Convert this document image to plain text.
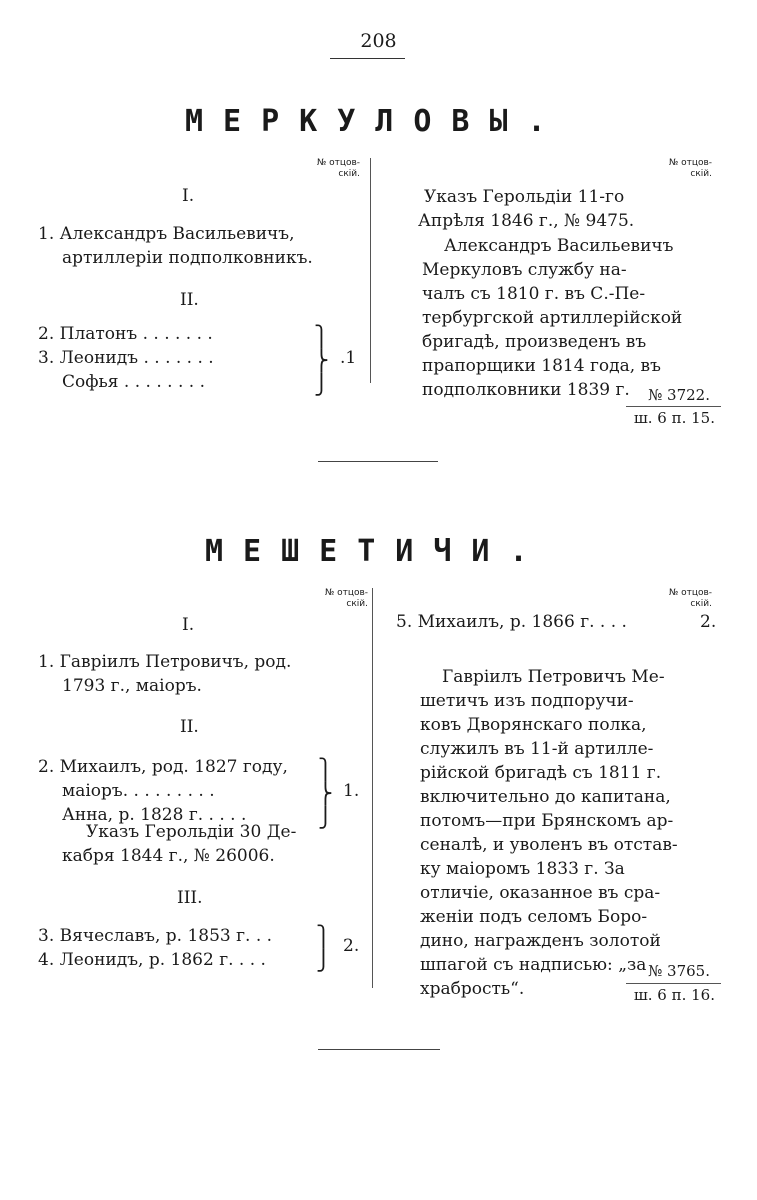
208
МЕРКУЛОВЫ.
№ отцов-
скій.
№ отцов-
скій.
I.
1. Александръ Васильевичъ,
артиллеріи подполковникъ.
II.
2. Платонъ . . . . . . .
3. Леонидъ . . . . . . .
Софья . . . . . . . .
⎫
⎬
⎭
.1
Указъ Герольдіи 11-го
Апрѣля 1846 г., № 9475.
Александръ Васильевичъ
Меркуловъ службу на-
чалъ съ 1810 г. въ С.-Пе-
тербургской артиллерійской
бригадѣ, произведенъ въ
прапорщики 1814 года, въ
подполковники 1839 г.	№ 3722.
ш. 6 п. 15.
МЕШЕТИЧИ.
№ отцов-
скій.
№ отцов-
скій.
I.
1. Гавріилъ Петровичъ, род.
1793 г., маіоръ.
II.
2. Михаилъ, род. 1827 году,
маіоръ. . . . . . . . .
Анна, р. 1828 г. . . . .
⎫
⎬
⎭
1.
Указъ Герольдіи 30 Де-
кабря 1844 г., № 26006.
III.
3. Вячеславъ, р. 1853 г. . .
4. Леонидъ, р. 1862 г. . . .
⎫
⎭
2.
5. Михаилъ, р. 1866 г. . . .	2.
Гавріилъ Петровичъ Ме-
шетичъ изъ подпоручи-
ковъ Дворянскаго полка,
служилъ въ 11-й артилле-
рійской бригадѣ съ 1811 г.
включительно до капитана,
потомъ—при Брянскомъ ар-
сеналѣ, и уволенъ въ отстав-
ку маіоромъ 1833 г. За
отличіе, оказанное въ сра-
женіи подъ селомъ Боро-
дино, награжденъ золотой
шпагой съ надписью: „за
храбрость“.
№ 3765.
ш. 6 п. 16.
